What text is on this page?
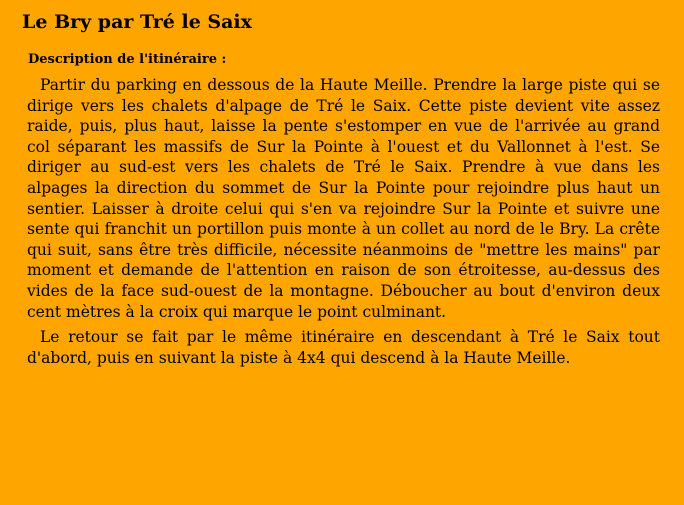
Le Bry par Tré le Saix
Description de l'itinéraire :

Partir du parking en dessous de la Haute Meille. Prendre la large piste qui se dirige vers les chalets d'alpage de Tré le Saix. Cette piste devient vite assez raide, puis, plus haut, laisse la pente s'estomper en vue de l'arrivée au grand col séparant les massifs de Sur la Pointe à l'ouest et du Vallonnet à l'est. Se diriger au sud-est vers les chalets de Tré le Saix. Prendre à vue dans les alpages la direction du sommet de Sur la Pointe pour rejoindre plus haut un sentier. Laisser à droite celui qui s'en va rejoindre Sur la Pointe et suivre une sente qui franchit un portillon puis monte à un collet au nord de le Bry. La crête qui suit, sans être très difficile, nécessite néanmoins de "mettre les mains" par moment et demande de l'attention en raison de son étroitesse, au-dessus des vides de la face sud-ouest de la montagne. Déboucher au bout d'environ deux cent mètres à la croix qui marque le point culminant.

Le retour se fait par le même itinéraire en descendant à Tré le Saix tout d'abord, puis en suivant la piste à 4x4 qui descend à la Haute Meille.
